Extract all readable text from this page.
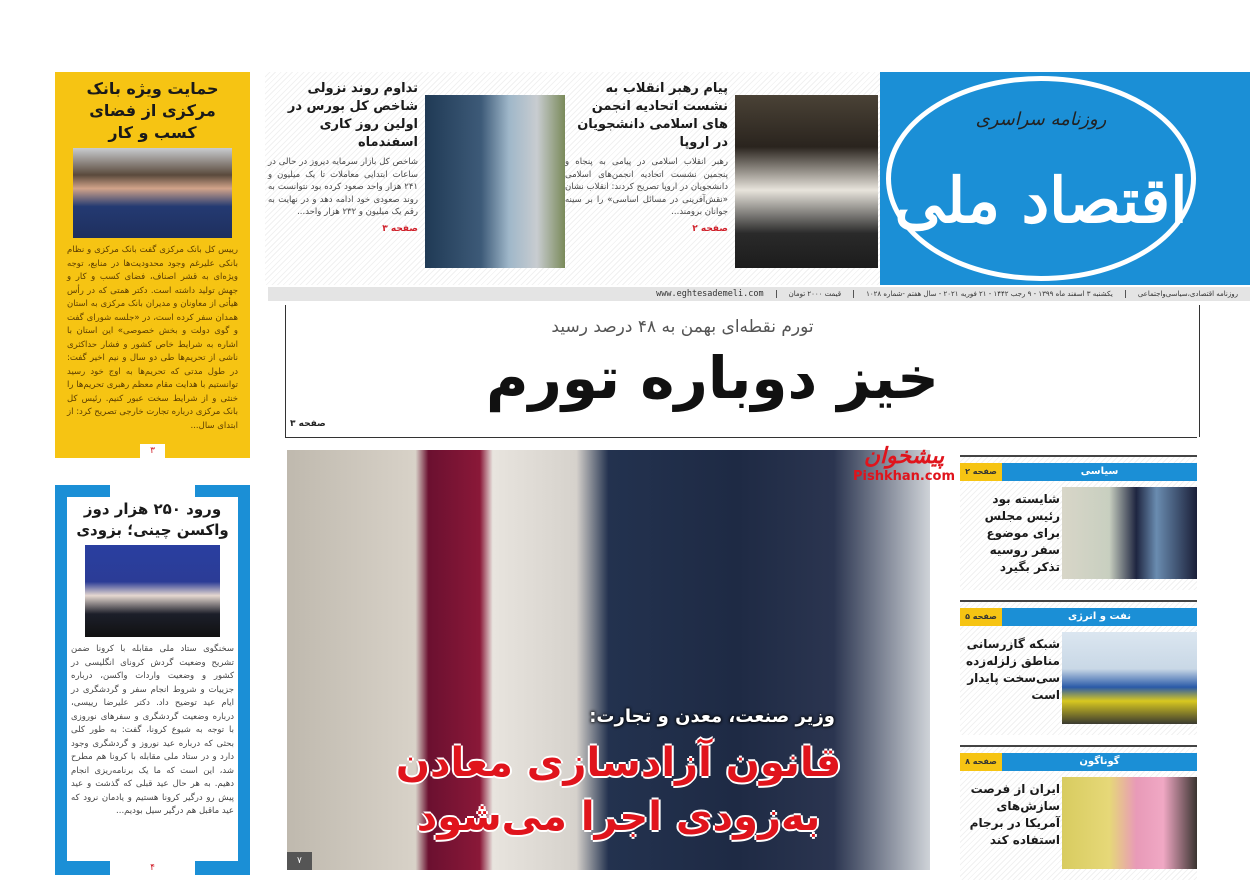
روزنامه سراسری
اقتصاد ملی
پیام رهبر انقلاب به نشست اتحادیه انجمن های اسلامی دانشجویان در اروپا
رهبر انقلاب اسلامی در پیامی به پنجاه و پنجمین نشست اتحادیه انجمن‌های اسلامی دانشجویان در اروپا تصریح کردند: انقلاب نشان «نقش‌آفرینی در مسائل اساسی» را بر سینه جوانان برومند...
صفحه ۲
تداوم روند نزولی شاخص کل بورس در اولین روز کاری اسفندماه
شاخص کل بازار سرمایه دیروز در حالی در ساعات ابتدایی معاملات تا یک میلیون و ۲۴۱ هزار واحد صعود کرده بود نتوانست به روند صعودی خود ادامه دهد و در نهایت به رقم یک میلیون و ۲۳۲ هزار واحد...
صفحه ۳
روزنامه اقتصادی،سیاسی‌واجتماعی
یکشنبه ۳ اسفند ماه ۱۳۹۹ - ۹ رجب ۱۴۴۲ - ۲۱ فوریه ۲۰۲۱ - سال هفتم -شماره ۱۰۲۸
قیمت ۲۰۰۰ تومان
www.eghtesademeli.com
حمایت ویژه بانک مرکزی از فضای کسب و کار
رییس کل بانک مرکزی گفت بانک مرکزی و نظام بانکی علیرغم وجود محدودیت‌ها در منابع، توجه ویژه‌ای به قشر اصناف، فضای کسب و کار و جهش تولید داشته است. دکتر همتی که در رأس هیأتی از معاونان و مدیران بانک مرکزی به استان همدان سفر کرده است، در «جلسه شورای گفت و گوی دولت و بخش خصوصی» این استان با اشاره به شرایط خاص کشور و فشار حداکثری ناشی از تحریم‌ها طی دو سال و نیم اخیر گفت: در طول مدتی که تحریم‌ها به اوج خود رسید توانستیم با هدایت مقام معظم رهبری تحریم‌ها را خنثی و از شرایط سخت عبور کنیم. رئیس کل بانک مرکزی درباره تجارت خارجی تصریح کرد: از ابتدای سال...
۳
ورود ۲۵۰ هزار دوز واکسن چینی؛ بزودی
سخنگوی ستاد ملی مقابله با کرونا ضمن تشریح وضعیت گردش کرونای انگلیسی در کشور و وضعیت واردات واکسن، درباره جزییات و شروط انجام سفر و گردشگری در ایام عید توضیح داد. دکتر علیرضا رییسی، درباره وضعیت گردشگری و سفرهای نوروزی با توجه به شیوع کرونا، گفت: به طور کلی بحثی که درباره عید نوروز و گردشگری وجود دارد و در ستاد ملی مقابله با کرونا هم مطرح شد، این است که ما یک برنامه‌ریزی انجام دهیم. به هر حال عید قبلی که گذشت و عید پیش رو درگیر کرونا هستیم و یادمان نرود که عید ماقبل هم درگیر سیل بودیم...
۴
تورم نقطه‌ای بهمن به ۴۸ درصد رسید
خیز دوباره تورم
صفحه ۳
وزیر صنعت، معدن و تجارت:
قانون آزادسازی معادن به‌زودی اجرا می‌شود
۷
پیشخوان
Pishkhan.com	سیاسی
صفحه ۲
شایسته بود رئیس مجلس برای موضوع سفر روسیه تذکر بگیرد
نفت و انرژی
صفحه ۵
شبکه گازرسانی مناطق زلزله‌زده سی‌سخت پایدار است
گوناگون
صفحه ۸
ایران از فرصت سازش‌های آمریکا در برجام استفاده کند
